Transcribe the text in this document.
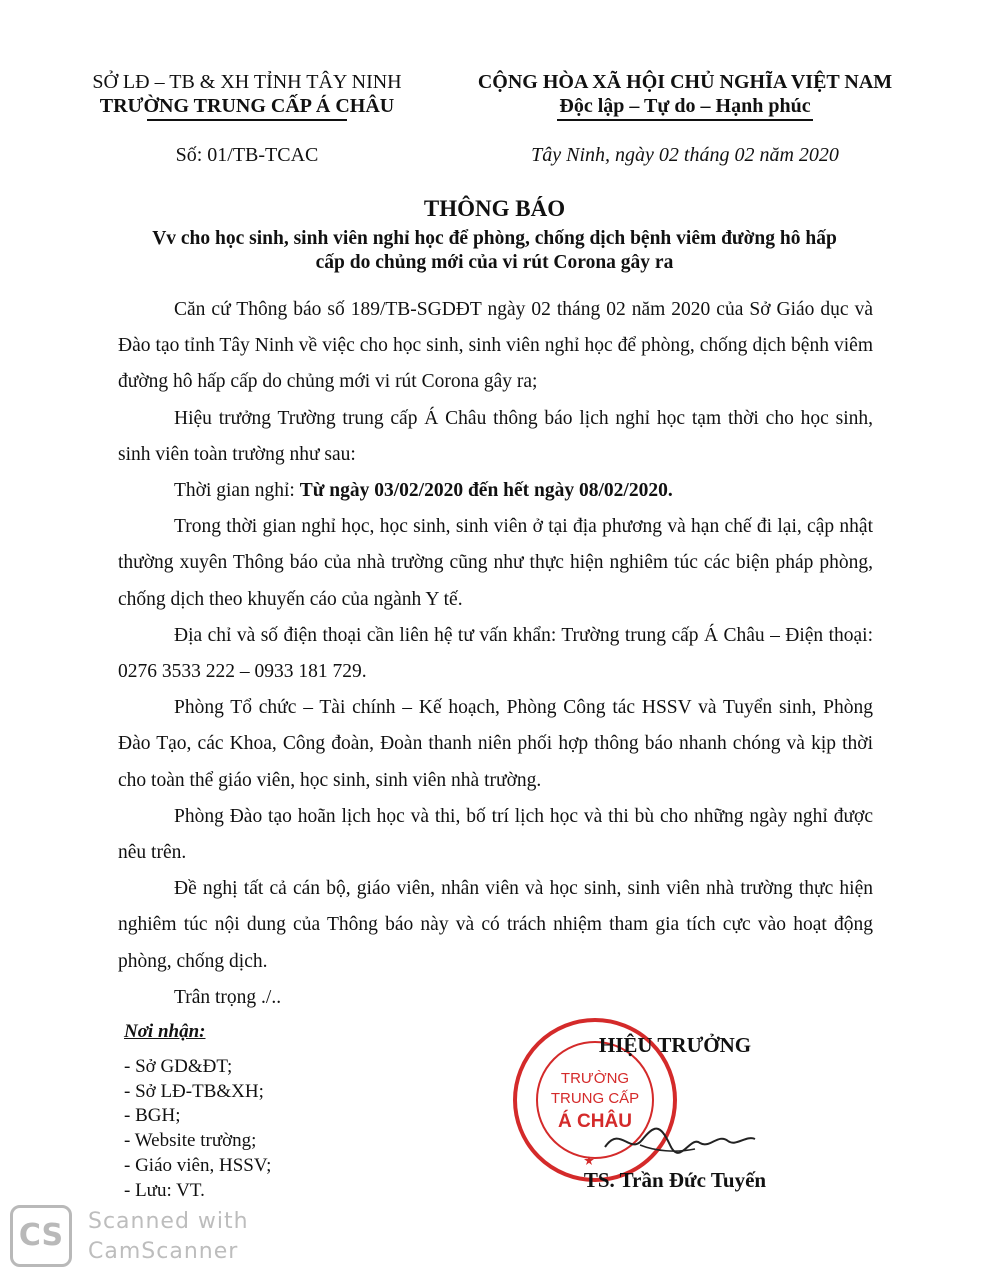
SỞ LĐ – TB & XH TỈNH TÂY NINH
TRƯỜNG TRUNG CẤP Á CHÂU
CỘNG HÒA XÃ HỘI CHỦ NGHĨA VIỆT NAM
Độc lập – Tự do – Hạnh phúc
Số: 01/TB-TCAC	Tây Ninh, ngày 02 tháng 02 năm 2020
THÔNG BÁO
Vv cho học sinh, sinh viên nghỉ học để phòng, chống dịch bệnh viêm đường hô hấp
cấp do chủng mới của vi rút Corona gây ra

Căn cứ Thông báo số 189/TB-SGDĐT ngày 02 tháng 02 năm 2020 của Sở Giáo dục và Đào tạo tỉnh Tây Ninh về việc cho học sinh, sinh viên nghỉ học để phòng, chống dịch bệnh viêm đường hô hấp cấp do chủng mới vi rút Corona gây ra;

Hiệu trưởng Trường trung cấp Á Châu thông báo lịch nghỉ học tạm thời cho học sinh, sinh viên toàn trường như sau:

Thời gian nghỉ: Từ ngày 03/02/2020 đến hết ngày 08/02/2020.

Trong thời gian nghỉ học, học sinh, sinh viên ở tại địa phương và hạn chế đi lại, cập nhật thường xuyên Thông báo của nhà trường cũng như thực hiện nghiêm túc các biện pháp phòng, chống dịch theo khuyến cáo của ngành Y tế.

Địa chỉ và số điện thoại cần liên hệ tư vấn khẩn: Trường trung cấp Á Châu – Điện thoại: 0276 3533 222 – 0933 181 729.

Phòng Tổ chức – Tài chính – Kế hoạch, Phòng Công tác HSSV và Tuyển sinh, Phòng Đào Tạo, các Khoa, Công đoàn, Đoàn thanh niên phối hợp thông báo nhanh chóng và kịp thời cho toàn thể giáo viên, học sinh, sinh viên nhà trường.

Phòng Đào tạo hoãn lịch học và thi, bố trí lịch học và thi bù cho những ngày nghỉ được nêu trên.

Đề nghị tất cả cán bộ, giáo viên, nhân viên và học sinh, sinh viên nhà trường thực hiện nghiêm túc nội dung của Thông báo này và có trách nhiệm tham gia tích cực vào hoạt động phòng, chống dịch.

Trân trọng ./..

Nơi nhận:
- Sở GD&ĐT;
- Sở LĐ-TB&XH;
- BGH;
- Website trường;
- Giáo viên, HSSV;
- Lưu: VT.
TRƯỜNG
TRUNG CẤP
Á CHÂU
HIỆU TRƯỞNG
TS. Trần Đức Tuyến
CS	Scanned with
CamScanner
